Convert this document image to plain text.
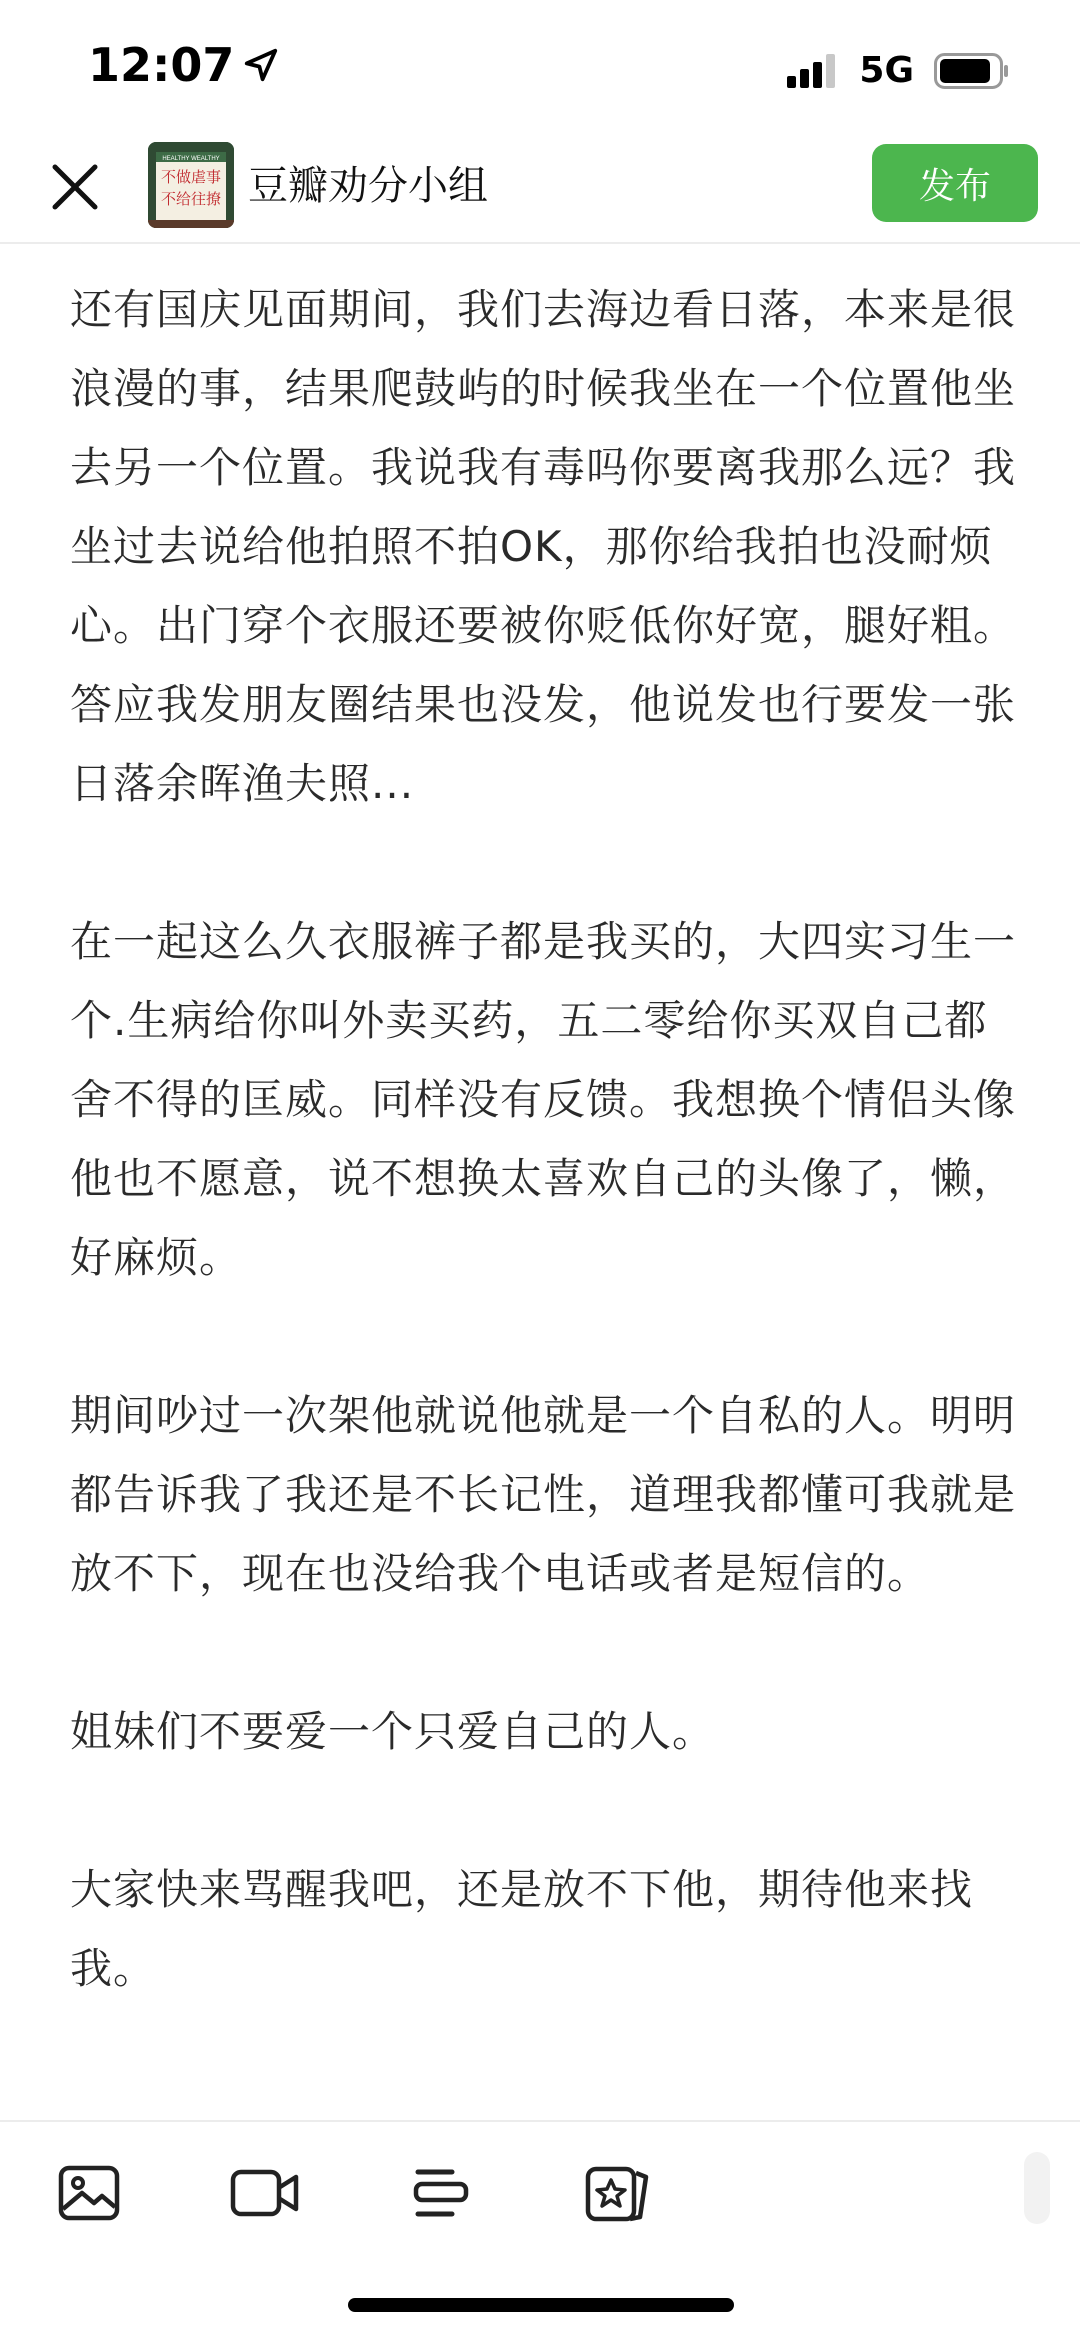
12:07	5G
HEALTHY WEALTHY
不做虐事
不给往撩 豆瓣劝分小组	发布

还有国庆见面期间，我们去海边看日落，本来是很浪漫的事，结果爬鼓屿的时候我坐在一个位置他坐去另一个位置。我说我有毒吗你要离我那么远？我坐过去说给他拍照不拍OK，那你给我拍也没耐烦心。出门穿个衣服还要被你贬低你好宽，腿好粗。答应我发朋友圈结果也没发，他说发也行要发一张日落余晖渔夫照...

在一起这么久衣服裤子都是我买的，大四实习生一个.生病给你叫外卖买药，五二零给你买双自己都舍不得的匡威。同样没有反馈。我想换个情侣头像他也不愿意，说不想换太喜欢自己的头像了，懒，好麻烦。

期间吵过一次架他就说他就是一个自私的人。明明都告诉我了我还是不长记性，道理我都懂可我就是放不下，现在也没给我个电话或者是短信的。

姐妹们不要爱一个只爱自己的人。

大家快来骂醒我吧，还是放不下他，期待他来找我。
